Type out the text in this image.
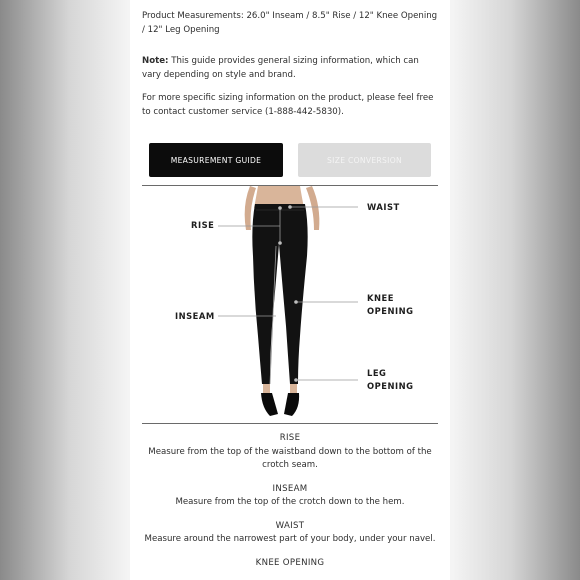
Product Measurements: 26.0" Inseam / 8.5" Rise / 12" Knee Opening / 12" Leg Opening
Note: This guide provides general sizing information, which can vary depending on style and brand.
For more specific sizing information on the product, please feel free to contact customer service (1-888-442-5830).
MEASUREMENT GUIDE	SIZE CONVERSION
WAIST
RISE
KNEE
OPENING
INSEAM
LEG
OPENING
RISE
Measure from the top of the waistband down to the bottom of the crotch seam.
INSEAM
Measure from the top of the crotch down to the hem.
WAIST
Measure around the narrowest part of your body, under your navel.
KNEE OPENING
